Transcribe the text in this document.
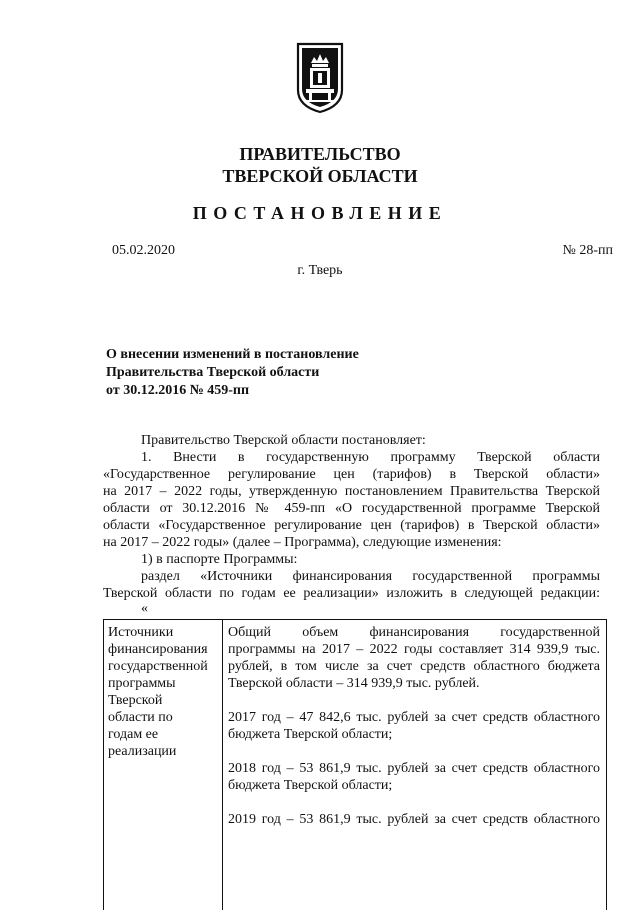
ПРАВИТЕЛЬСТВО
ТВЕРСКОЙ ОБЛАСТИ
ПОСТАНОВЛЕНИЕ
05.02.2020	№ 28-пп
г. Тверь
О внесении изменений в постановление
Правительства Тверской области
от 30.12.2016 № 459-пп
Правительство Тверской области постановляет:
1. Внести в государственную программу Тверской области
«Государственное регулирование цен (тарифов) в Тверской области»
на 2017 – 2022 годы, утвержденную постановлением Правительства Тверской
области от 30.12.2016 № 459-пп «О государственной программе Тверской
области «Государственное регулирование цен (тарифов) в Тверской области»
на 2017 – 2022 годы» (далее – Программа), следующие изменения:
1) в паспорте Программы:
раздел «Источники финансирования государственной программы
Тверской области по годам ее реализации» изложить в следующей редакции:
«
Источники
финансирования
государственной
программы
Тверской
области по
годам ее
реализации
Общий объем финансирования государственной
программы на 2017 – 2022 годы составляет 314 939,9 тыс.
рублей, в том числе за счет средств областного бюджета
Тверской области – 314 939,9 тыс. рублей.
2017 год – 47 842,6 тыс. рублей за счет средств областного
бюджета Тверской области;
2018 год – 53 861,9 тыс. рублей за счет средств областного
бюджета Тверской области;
2019 год – 53 861,9 тыс. рублей за счет средств областного
